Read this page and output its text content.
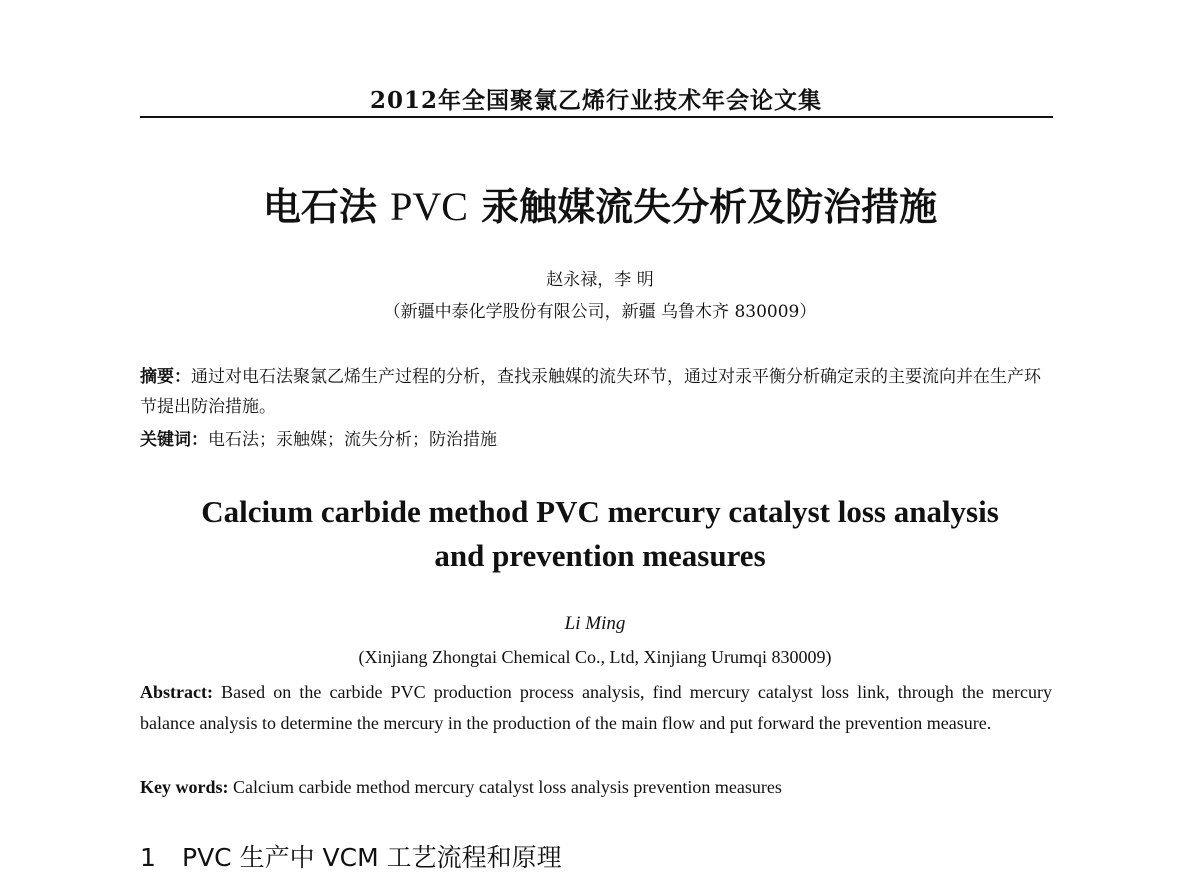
2012年全国聚氯乙烯行业技术年会论文集
电石法 PVC 汞触媒流失分析及防治措施
赵永禄，李 明
（新疆中泰化学股份有限公司，新疆 乌鲁木齐 830009）
摘要：通过对电石法聚氯乙烯生产过程的分析，查找汞触媒的流失环节，通过对汞平衡分析确定汞的主要流向并在生产环节提出防治措施。
关键词：电石法；汞触媒；流失分析；防治措施
Calcium carbide method PVC mercury catalyst loss analysis
and prevention measures
Li Ming
(Xinjiang Zhongtai Chemical Co., Ltd, Xinjiang Urumqi 830009)
Abstract: Based on the carbide PVC production process analysis, find mercury catalyst loss link, through the mercury balance analysis to determine the mercury in the production of the main flow and put forward the prevention measure.
Key words: Calcium carbide method mercury catalyst loss analysis prevention measures
1 PVC 生产中 VCM 工艺流程和原理
